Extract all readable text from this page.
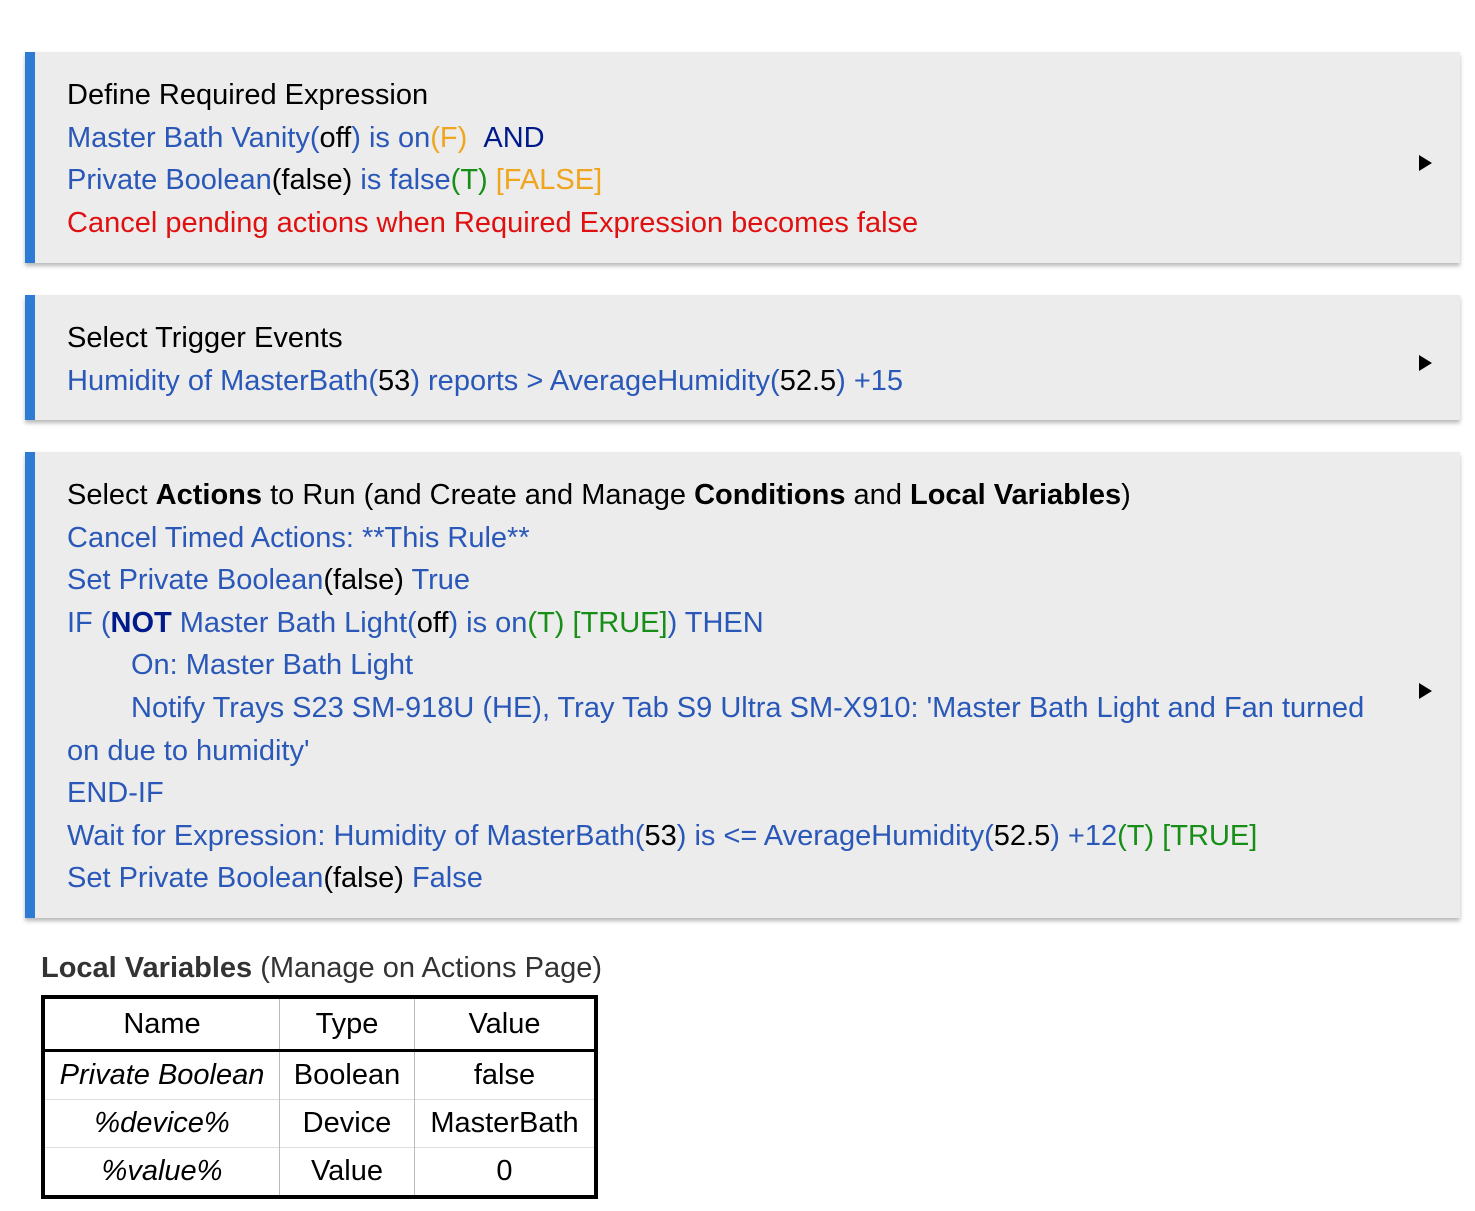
Define Required Expression
Master Bath Vanity(off) is on(F) AND
Private Boolean(false) is false(T) [FALSE]
Cancel pending actions when Required Expression becomes false
Select Trigger Events
Humidity of MasterBath(53) reports > AverageHumidity(52.5) +15
Select Actions to Run (and Create and Manage Conditions and Local Variables)
Cancel Timed Actions: **This Rule**
Set Private Boolean(false) True
IF (NOT Master Bath Light(off) is on(T) [TRUE]) THEN
On: Master Bath Light
Notify Trays S23 SM-918U (HE), Tray Tab S9 Ultra SM-X910: 'Master Bath Light and Fan turned on due to humidity'
END-IF
Wait for Expression: Humidity of MasterBath(53) is <= AverageHumidity(52.5) +12(T) [TRUE]
Set Private Boolean(false) False
Local Variables (Manage on Actions Page)
Name	Type	Value
Private Boolean	Boolean	false
%device%	Device	MasterBath
%value%	Value	0
